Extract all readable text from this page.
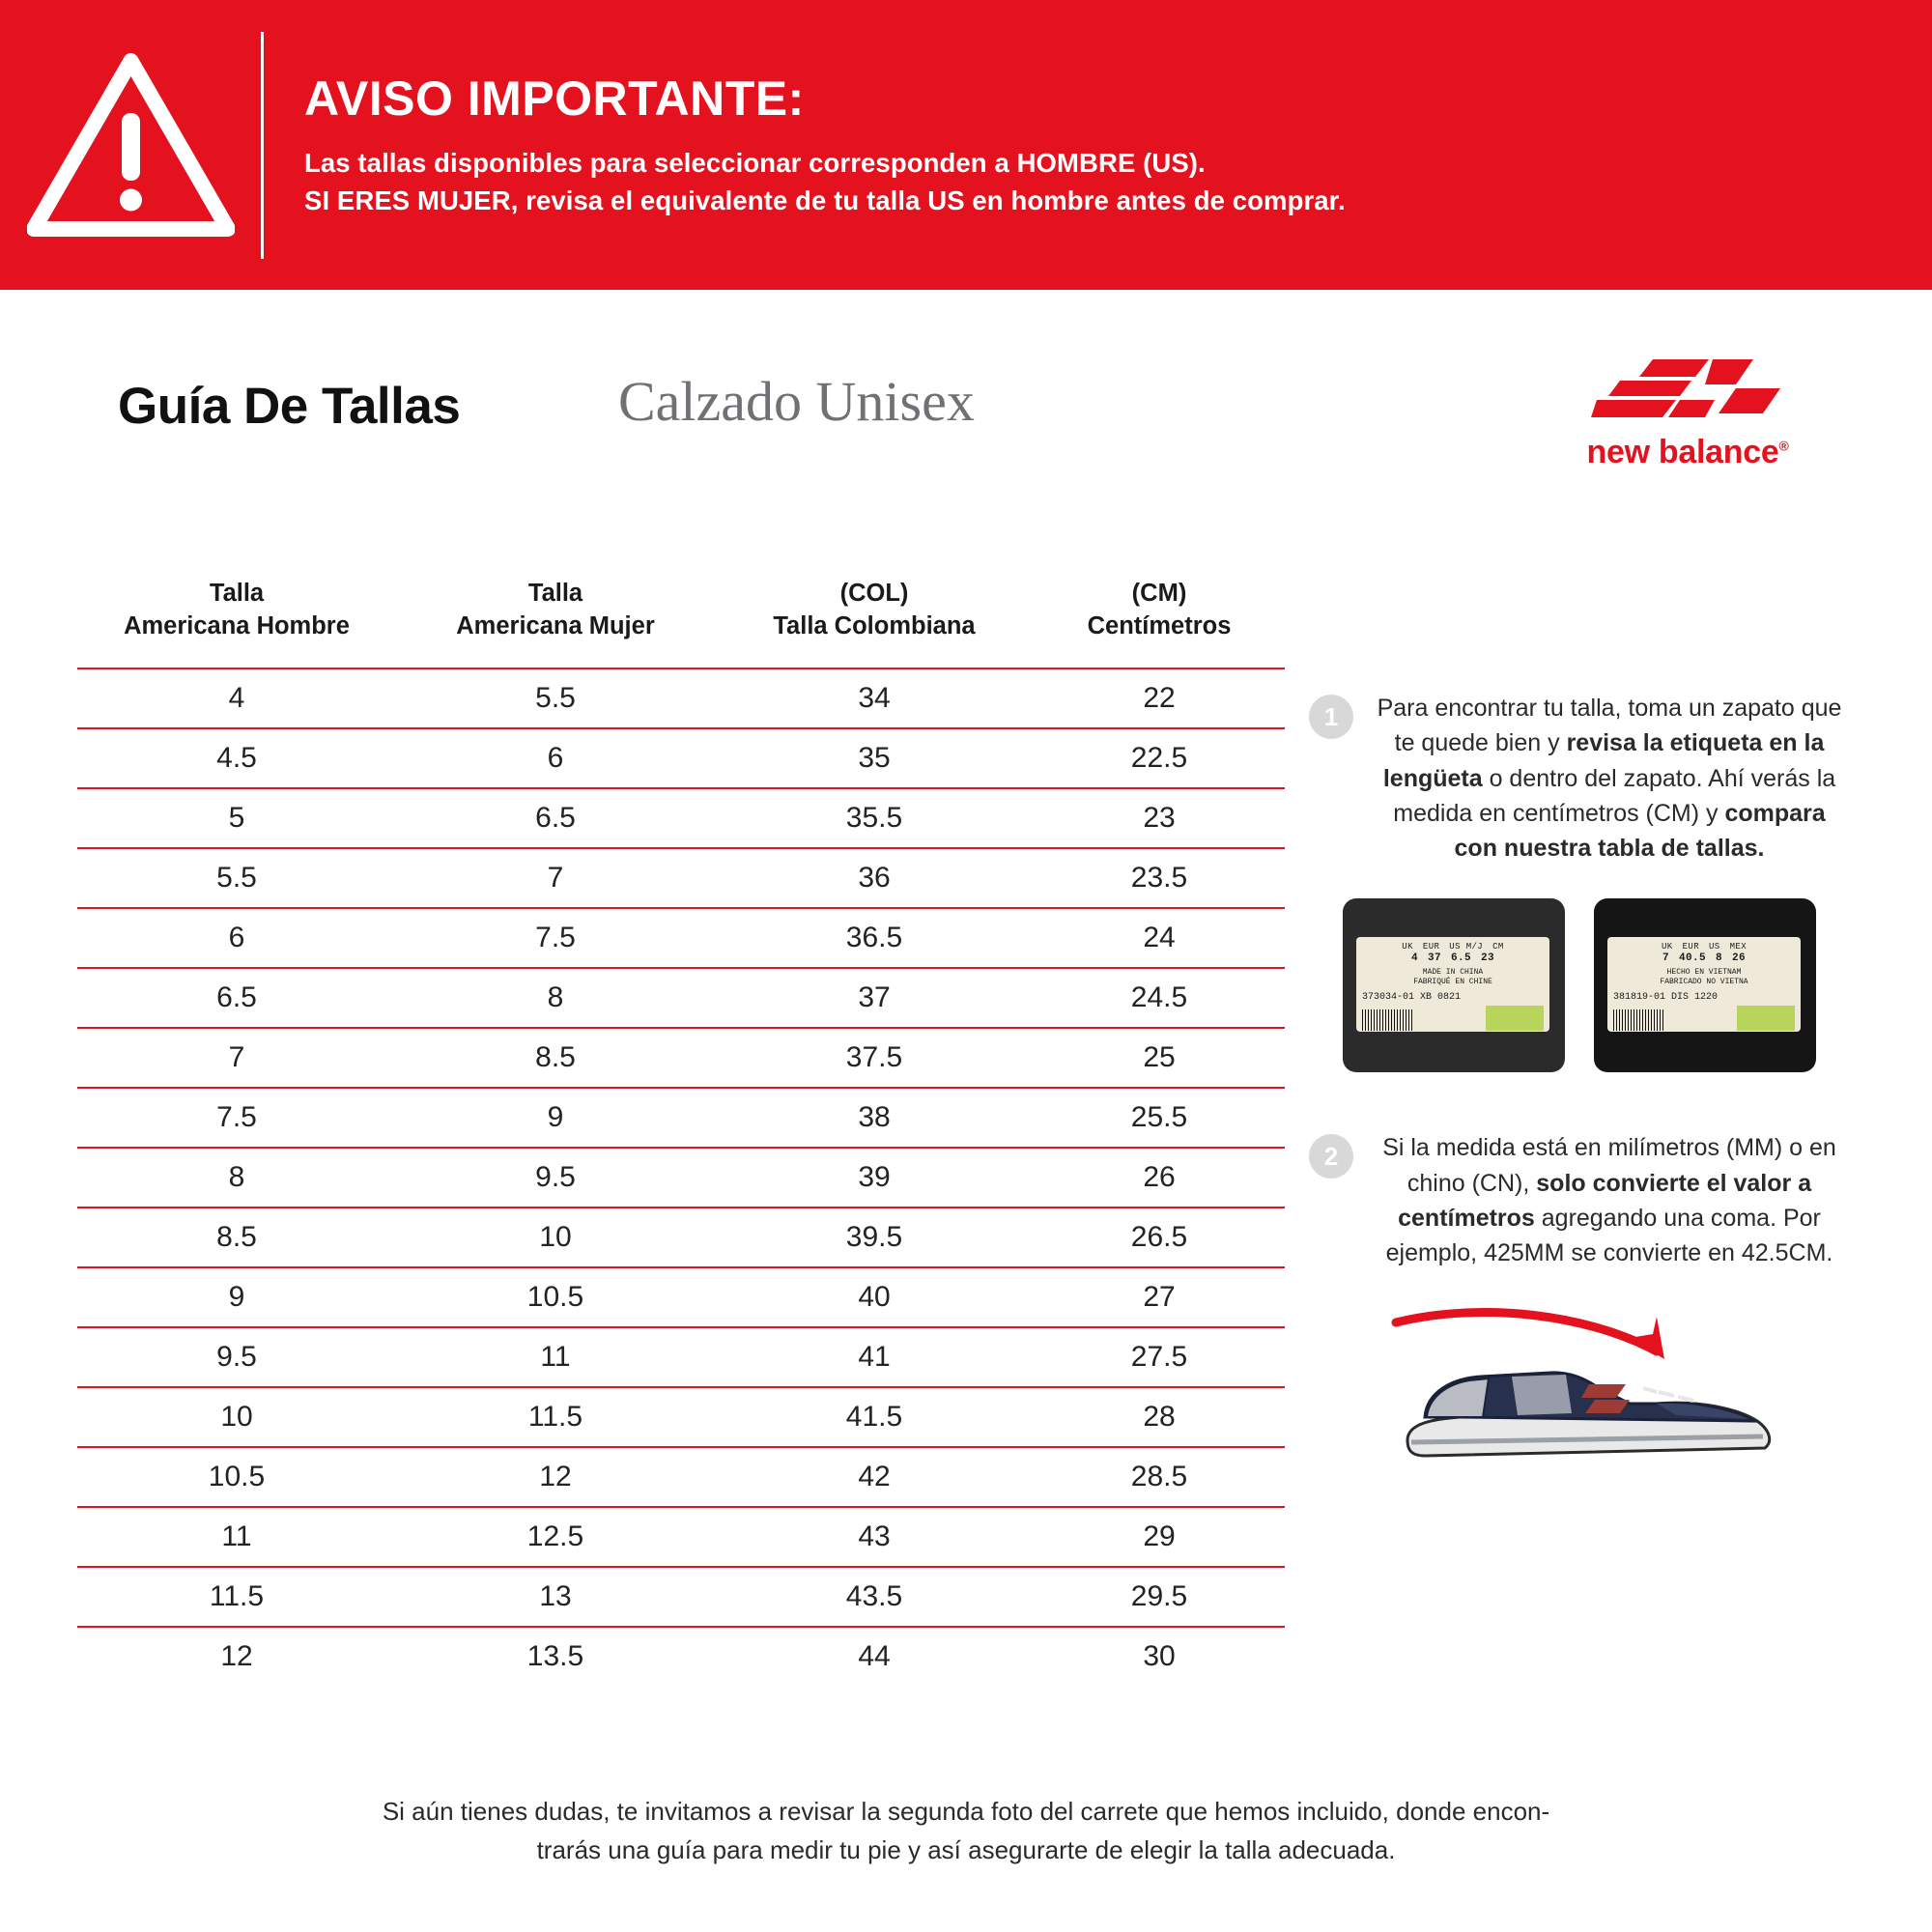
AVISO IMPORTANTE:
Las tallas disponibles para seleccionar corresponden a HOMBRE (US).
SI ERES MUJER, revisa el equivalente de tu talla US en hombre antes de comprar.
Guía De Tallas	Calzado Unisex
new balance®
Talla
Americana Hombre

Talla
Americana Mujer

(COL)
Talla Colombiana

(CM)
Centímetros

4	5.5	34	22
4.5	6	35	22.5
5	6.5	35.5	23
5.5	7	36	23.5
6	7.5	36.5	24
6.5	8	37	24.5
7	8.5	37.5	25
7.5	9	38	25.5
8	9.5	39	26
8.5	10	39.5	26.5
9	10.5	40	27
9.5	11	41	27.5
10	11.5	41.5	28
10.5	12	42	28.5
11	12.5	43	29
11.5	13	43.5	29.5
12	13.5	44	30
1	Para encontrar tu talla, toma un zapato que te quede bien y revisa la etiqueta en la lengüeta o dentro del zapato. Ahí verás la medida en centímetros (CM) y compara con nuestra tabla de tallas.
UK EUR US M/J CM
4 37 6.5 23
MADE IN CHINA
FABRIQUÉ EN CHINE
373034-01 XB 0821
UK EUR US MEX
7 40.5 8 26
HECHO EN VIETNAM
FABRICADO NO VIETNA
381819-01 DIS 1220
2	Si la medida está en milímetros (MM) o en chino (CN), solo convierte el valor a centímetros agregando una coma. Por ejemplo, 425MM se convierte en 42.5CM.
Si aún tienes dudas, te invitamos a revisar la segunda foto del carrete que hemos incluido, donde encon-
trarás una guía para medir tu pie y así asegurarte de elegir la talla adecuada.
